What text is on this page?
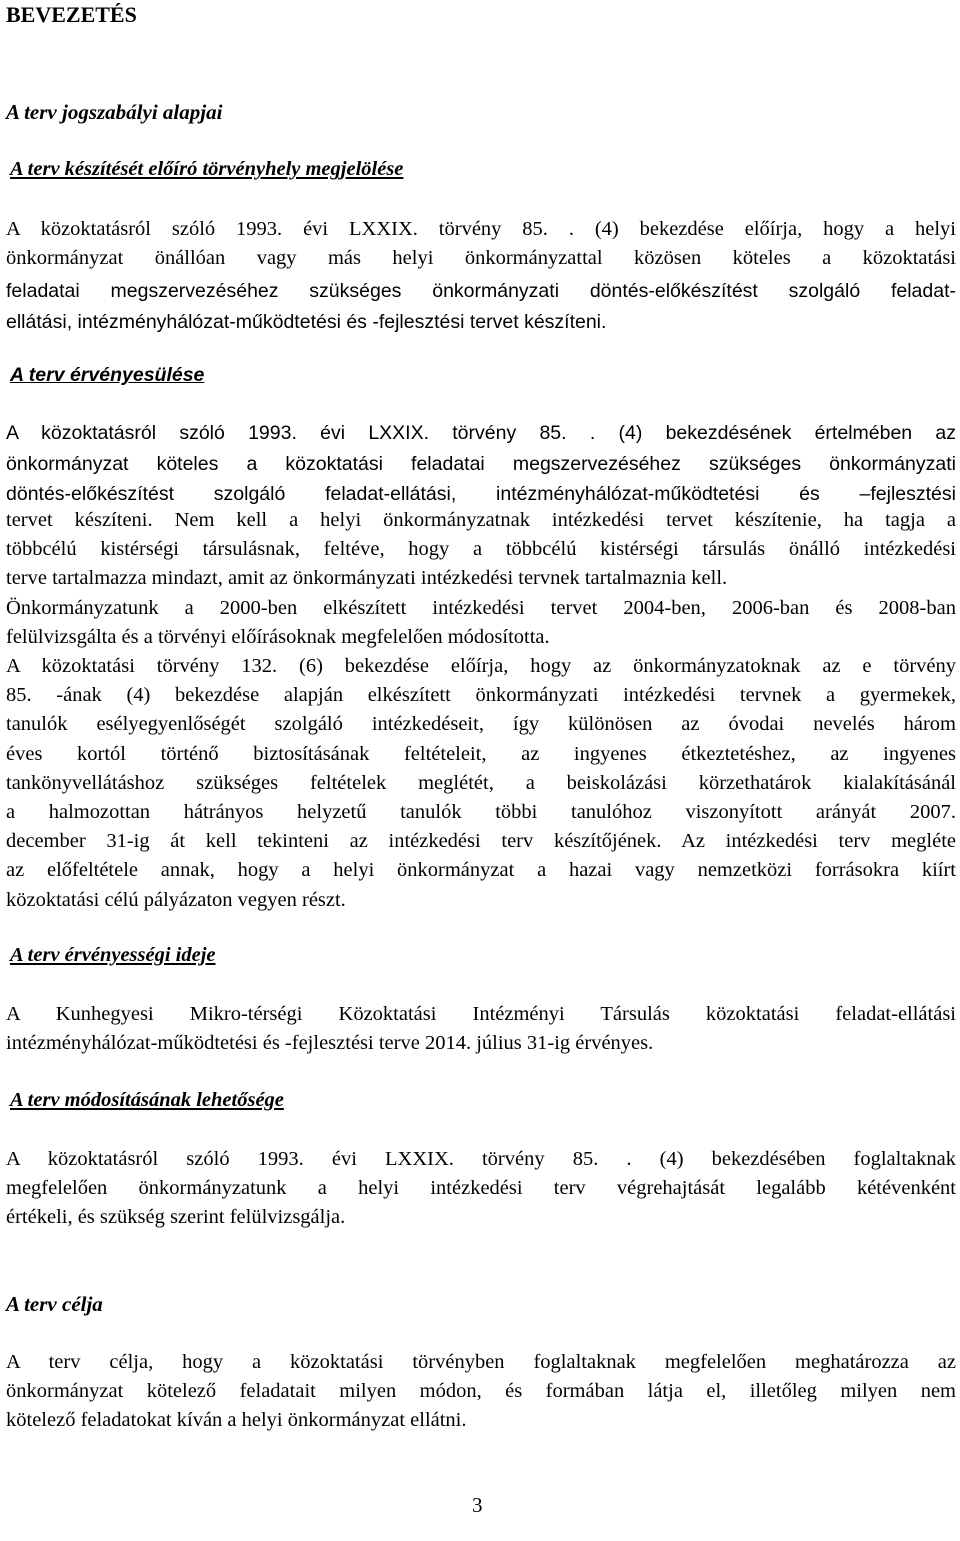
BEVEZETÉS
A terv jogszabályi alapjai
A terv készítését előíró törvényhely megjelölése

A közoktatásról szóló 1993. évi LXXIX. törvény 85. . (4) bekezdése előírja, hogy a helyi
önkormányzat önállóan vagy más helyi önkormányzattal közösen köteles a közoktatási

feladatai megszervezéséhez szükséges önkormányzati döntés-előkészítést szolgáló feladat-
ellátási, intézményhálózat-működtetési és -fejlesztési tervet készíteni.

A terv érvényesülése

A közoktatásról szóló 1993. évi LXXIX. törvény 85. . (4) bekezdésének értelmében az
önkormányzat köteles a közoktatási feladatai megszervezéséhez szükséges önkormányzati
döntés-előkészítést szolgáló feladat-ellátási, intézményhálózat-működtetési és –fejlesztési

tervet készíteni. Nem kell a helyi önkormányzatnak intézkedési tervet készítenie, ha tagja a
többcélú kistérségi társulásnak, feltéve, hogy a többcélú kistérségi társulás önálló intézkedési
terve tartalmazza mindazt, amit az önkormányzati intézkedési tervnek tartalmaznia kell.
Önkormányzatunk a 2000-ben elkészített intézkedési tervet 2004-ben, 2006-ban és 2008-ban
felülvizsgálta és a törvényi előírásoknak megfelelően módosította.
A közoktatási törvény 132. (6) bekezdése előírja, hogy az önkormányzatoknak az e törvény
85. -ának (4) bekezdése alapján elkészített önkormányzati intézkedési tervnek a gyermekek,
tanulók esélyegyenlőségét szolgáló intézkedéseit, így különösen az óvodai nevelés három
éves kortól történő biztosításának feltételeit, az ingyenes étkeztetéshez, az ingyenes
tankönyvellátáshoz szükséges feltételek meglétét, a beiskolázási körzethatárok kialakításánál
a halmozottan hátrányos helyzetű tanulók többi tanulóhoz viszonyított arányát 2007.
december 31-ig át kell tekinteni az intézkedési terv készítőjének. Az intézkedési terv megléte
az előfeltétele annak, hogy a helyi önkormányzat a hazai vagy nemzetközi forrásokra kiírt
közoktatási célú pályázaton vegyen részt.

A terv érvényességi ideje

A Kunhegyesi Mikro-térségi Közoktatási Intézményi Társulás közoktatási feladat-ellátási
intézményhálózat-működtetési és -fejlesztési terve 2014. július 31-ig érvényes.

A terv módosításának lehetősége

A közoktatásról szóló 1993. évi LXXIX. törvény 85. . (4) bekezdésében foglaltaknak
megfelelően önkormányzatunk a helyi intézkedési terv végrehajtását legalább kétévenként
értékeli, és szükség szerint felülvizsgálja.

A terv célja

A terv célja, hogy a közoktatási törvényben foglaltaknak megfelelően meghatározza az
önkormányzat kötelező feladatait milyen módon, és formában látja el, illetőleg milyen nem
kötelező feladatokat kíván a helyi önkormányzat ellátni.

3
